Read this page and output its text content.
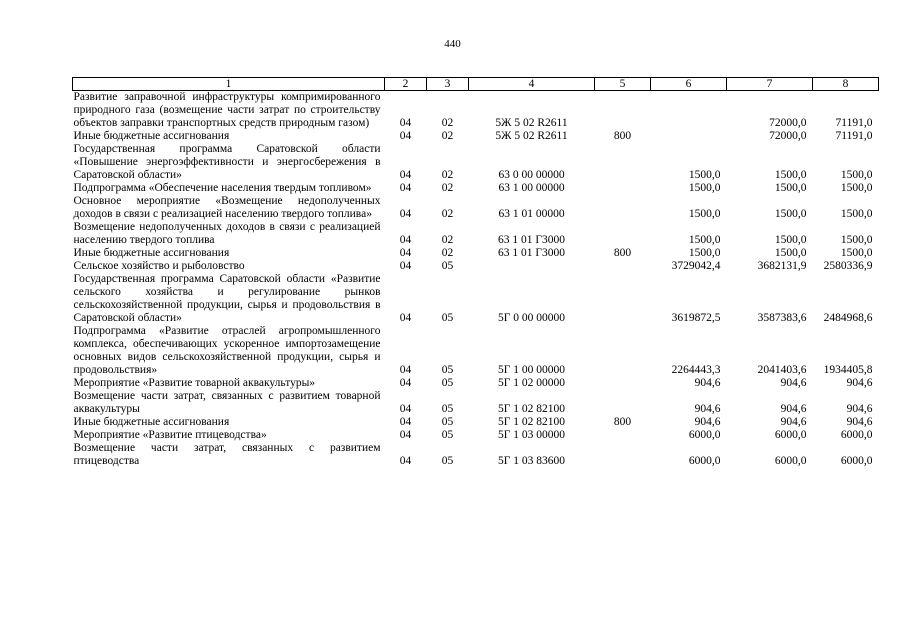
440
1	2	3	4	5	6	7	8
Развитие заправочной инфраструктуры компримированного природного газа (возмещение части затрат по строительству объектов заправки транспортных средств природным газом)	04	02	5Ж 5 02 R2611			72000,0	71191,0
Иные бюджетные ассигнования	04	02	5Ж 5 02 R2611	800		72000,0	71191,0
Государственная программа Саратовской области «Повышение энергоэффективности и энергосбережения в Саратовской области»	04	02	63 0 00 00000		1500,0	1500,0	1500,0
Подпрограмма «Обеспечение населения твердым топливом»	04	02	63 1 00 00000		1500,0	1500,0	1500,0
Основное мероприятие «Возмещение недополученных доходов в связи с реализацией населению твердого топлива»	04	02	63 1 01 00000		1500,0	1500,0	1500,0
Возмещение недополученных доходов в связи с реализацией населению твердого топлива	04	02	63 1 01 Г3000		1500,0	1500,0	1500,0
Иные бюджетные ассигнования	04	02	63 1 01 Г3000	800	1500,0	1500,0	1500,0
Сельское хозяйство и рыболовство	04	05			3729042,4	3682131,9	2580336,9
Государственная программа Саратовской области «Развитие сельского хозяйства и регулирование рынков сельскохозяйственной продукции, сырья и продовольствия в Саратовской области»	04	05	5Г 0 00 00000		3619872,5	3587383,6	2484968,6
Подпрограмма «Развитие отраслей агропромышленного комплекса, обеспечивающих ускоренное импортозамещение основных видов сельскохозяйственной продукции, сырья и продовольствия»	04	05	5Г 1 00 00000		2264443,3	2041403,6	1934405,8
Мероприятие «Развитие товарной аквакультуры»	04	05	5Г 1 02 00000		904,6	904,6	904,6
Возмещение части затрат, связанных с развитием товарной аквакультуры	04	05	5Г 1 02 82100		904,6	904,6	904,6
Иные бюджетные ассигнования	04	05	5Г 1 02 82100	800	904,6	904,6	904,6
Мероприятие «Развитие птицеводства»	04	05	5Г 1 03 00000		6000,0	6000,0	6000,0
Возмещение части затрат, связанных с развитием птицеводства	04	05	5Г 1 03 83600		6000,0	6000,0	6000,0
